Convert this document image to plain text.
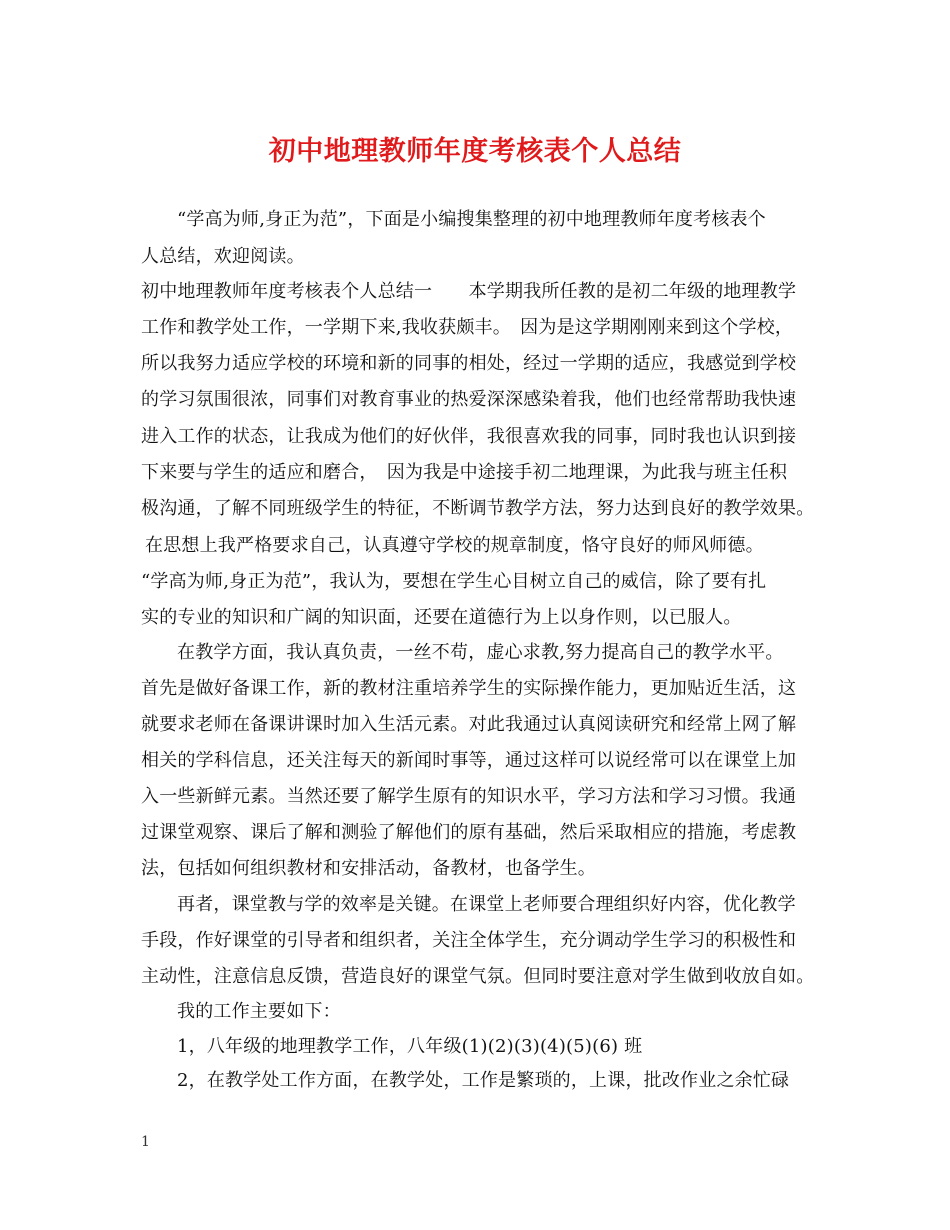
初中地理教师年度考核表个人总结
“学高为师,身正为范”，下面是小编搜集整理的初中地理教师年度考核表个
人总结，欢迎阅读。
初中地理教师年度考核表个人总结一　　本学期我所任教的是初二年级的地理教学
工作和教学处工作，一学期下来,我收获颇丰。　因为是这学期刚刚来到这个学校，
所以我努力适应学校的环境和新的同事的相处，经过一学期的适应，我感觉到学校
的学习氛围很浓，同事们对教育事业的热爱深深感染着我，他们也经常帮助我快速
进入工作的状态，让我成为他们的好伙伴，我很喜欢我的同事，同时我也认识到接
下来要与学生的适应和磨合，　因为我是中途接手初二地理课，为此我与班主任积
极沟通，了解不同班级学生的特征，不断调节教学方法，努力达到良好的教学效果。
在思想上我严格要求自己，认真遵守学校的规章制度，恪守良好的师风师德。
“学高为师,身正为范”，我认为，要想在学生心目树立自己的威信，除了要有扎
实的专业的知识和广阔的知识面，还要在道德行为上以身作则，以已服人。
在教学方面，我认真负责，一丝不苟，虚心求教,努力提高自己的教学水平。
首先是做好备课工作，新的教材注重培养学生的实际操作能力，更加贴近生活，这
就要求老师在备课讲课时加入生活元素。对此我通过认真阅读研究和经常上网了解
相关的学科信息，还关注每天的新闻时事等，通过这样可以说经常可以在课堂上加
入一些新鲜元素。当然还要了解学生原有的知识水平，学习方法和学习习惯。我通
过课堂观察、课后了解和测验了解他们的原有基础，然后采取相应的措施，考虑教
法，包括如何组织教材和安排活动，备教材，也备学生。
再者，课堂教与学的效率是关键。在课堂上老师要合理组织好内容，优化教学
手段，作好课堂的引导者和组织者，关注全体学生，充分调动学生学习的积极性和
主动性，注意信息反馈，营造良好的课堂气氛。但同时要注意对学生做到收放自如。
我的工作主要如下：
1，八年级的地理教学工作，八年级(1)(2)(3)(4)(5)(6) 班
2，在教学处工作方面，在教学处，工作是繁琐的，上课，批改作业之余忙碌
1
